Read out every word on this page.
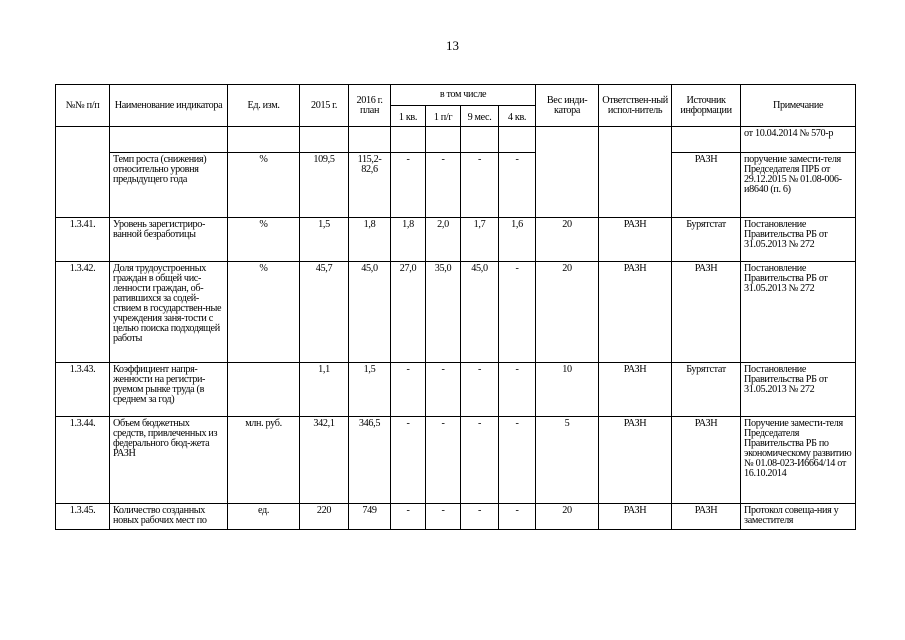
13
№№ п/п	Наименование индикатора	Ед. изм.	2015 г.	2016 г. план	в том числе				Вес инди-катора	Ответствен-ный испол-нитель	Источник информации	Примечание
					1 кв.	1 п/г	9 мес.	4 кв.				
												от 10.04.2014 № 570-р
	Темп роста (снижения) относительно уровня предыдущего года	%	109,5	115,2-82,6	-	-	-	-			РАЗН	поручение замести-теля Председателя ПРБ от 29.12.2015 № 01.08-006-и8640 (п. 6)
1.3.41.	Уровень зарегистриро-ванной безработицы	%	1,5	1,8	1,8	2,0	1,7	1,6	20	РАЗН	Бурятстат	Постановление Правительства РБ от 31.05.2013 № 272
1.3.42.	Доля трудоустроенных граждан в общей чис-ленности граждан, об-ратившихся за содей-ствием в государствен-ные учреждения заня-тости с целью поиска подходящей работы	%	45,7	45,0	27,0	35,0	45,0	-	20	РАЗН	РАЗН	Постановление Правительства РБ от 31.05.2013 № 272
1.3.43.	Коэффициент напря-женности на регистри-руемом рынке труда (в среднем за год)		1,1	1,5	-	-	-	-	10	РАЗН	Бурятстат	Постановление Правительства РБ от 31.05.2013 № 272
1.3.44.	Объем бюджетных средств, привлеченных из федерального бюд-жета РАЗН	млн. руб.	342,1	346,5	-	-	-	-	5	РАЗН	РАЗН	Поручение замести-теля Председателя Правительства РБ по экономическому развитию № 01.08-023-И6664/14 от 16.10.2014
1.3.45.	Количество созданных новых рабочих мест по	ед.	220	749	-	-	-	-	20	РАЗН	РАЗН	Протокол совеща-ния у заместителя
